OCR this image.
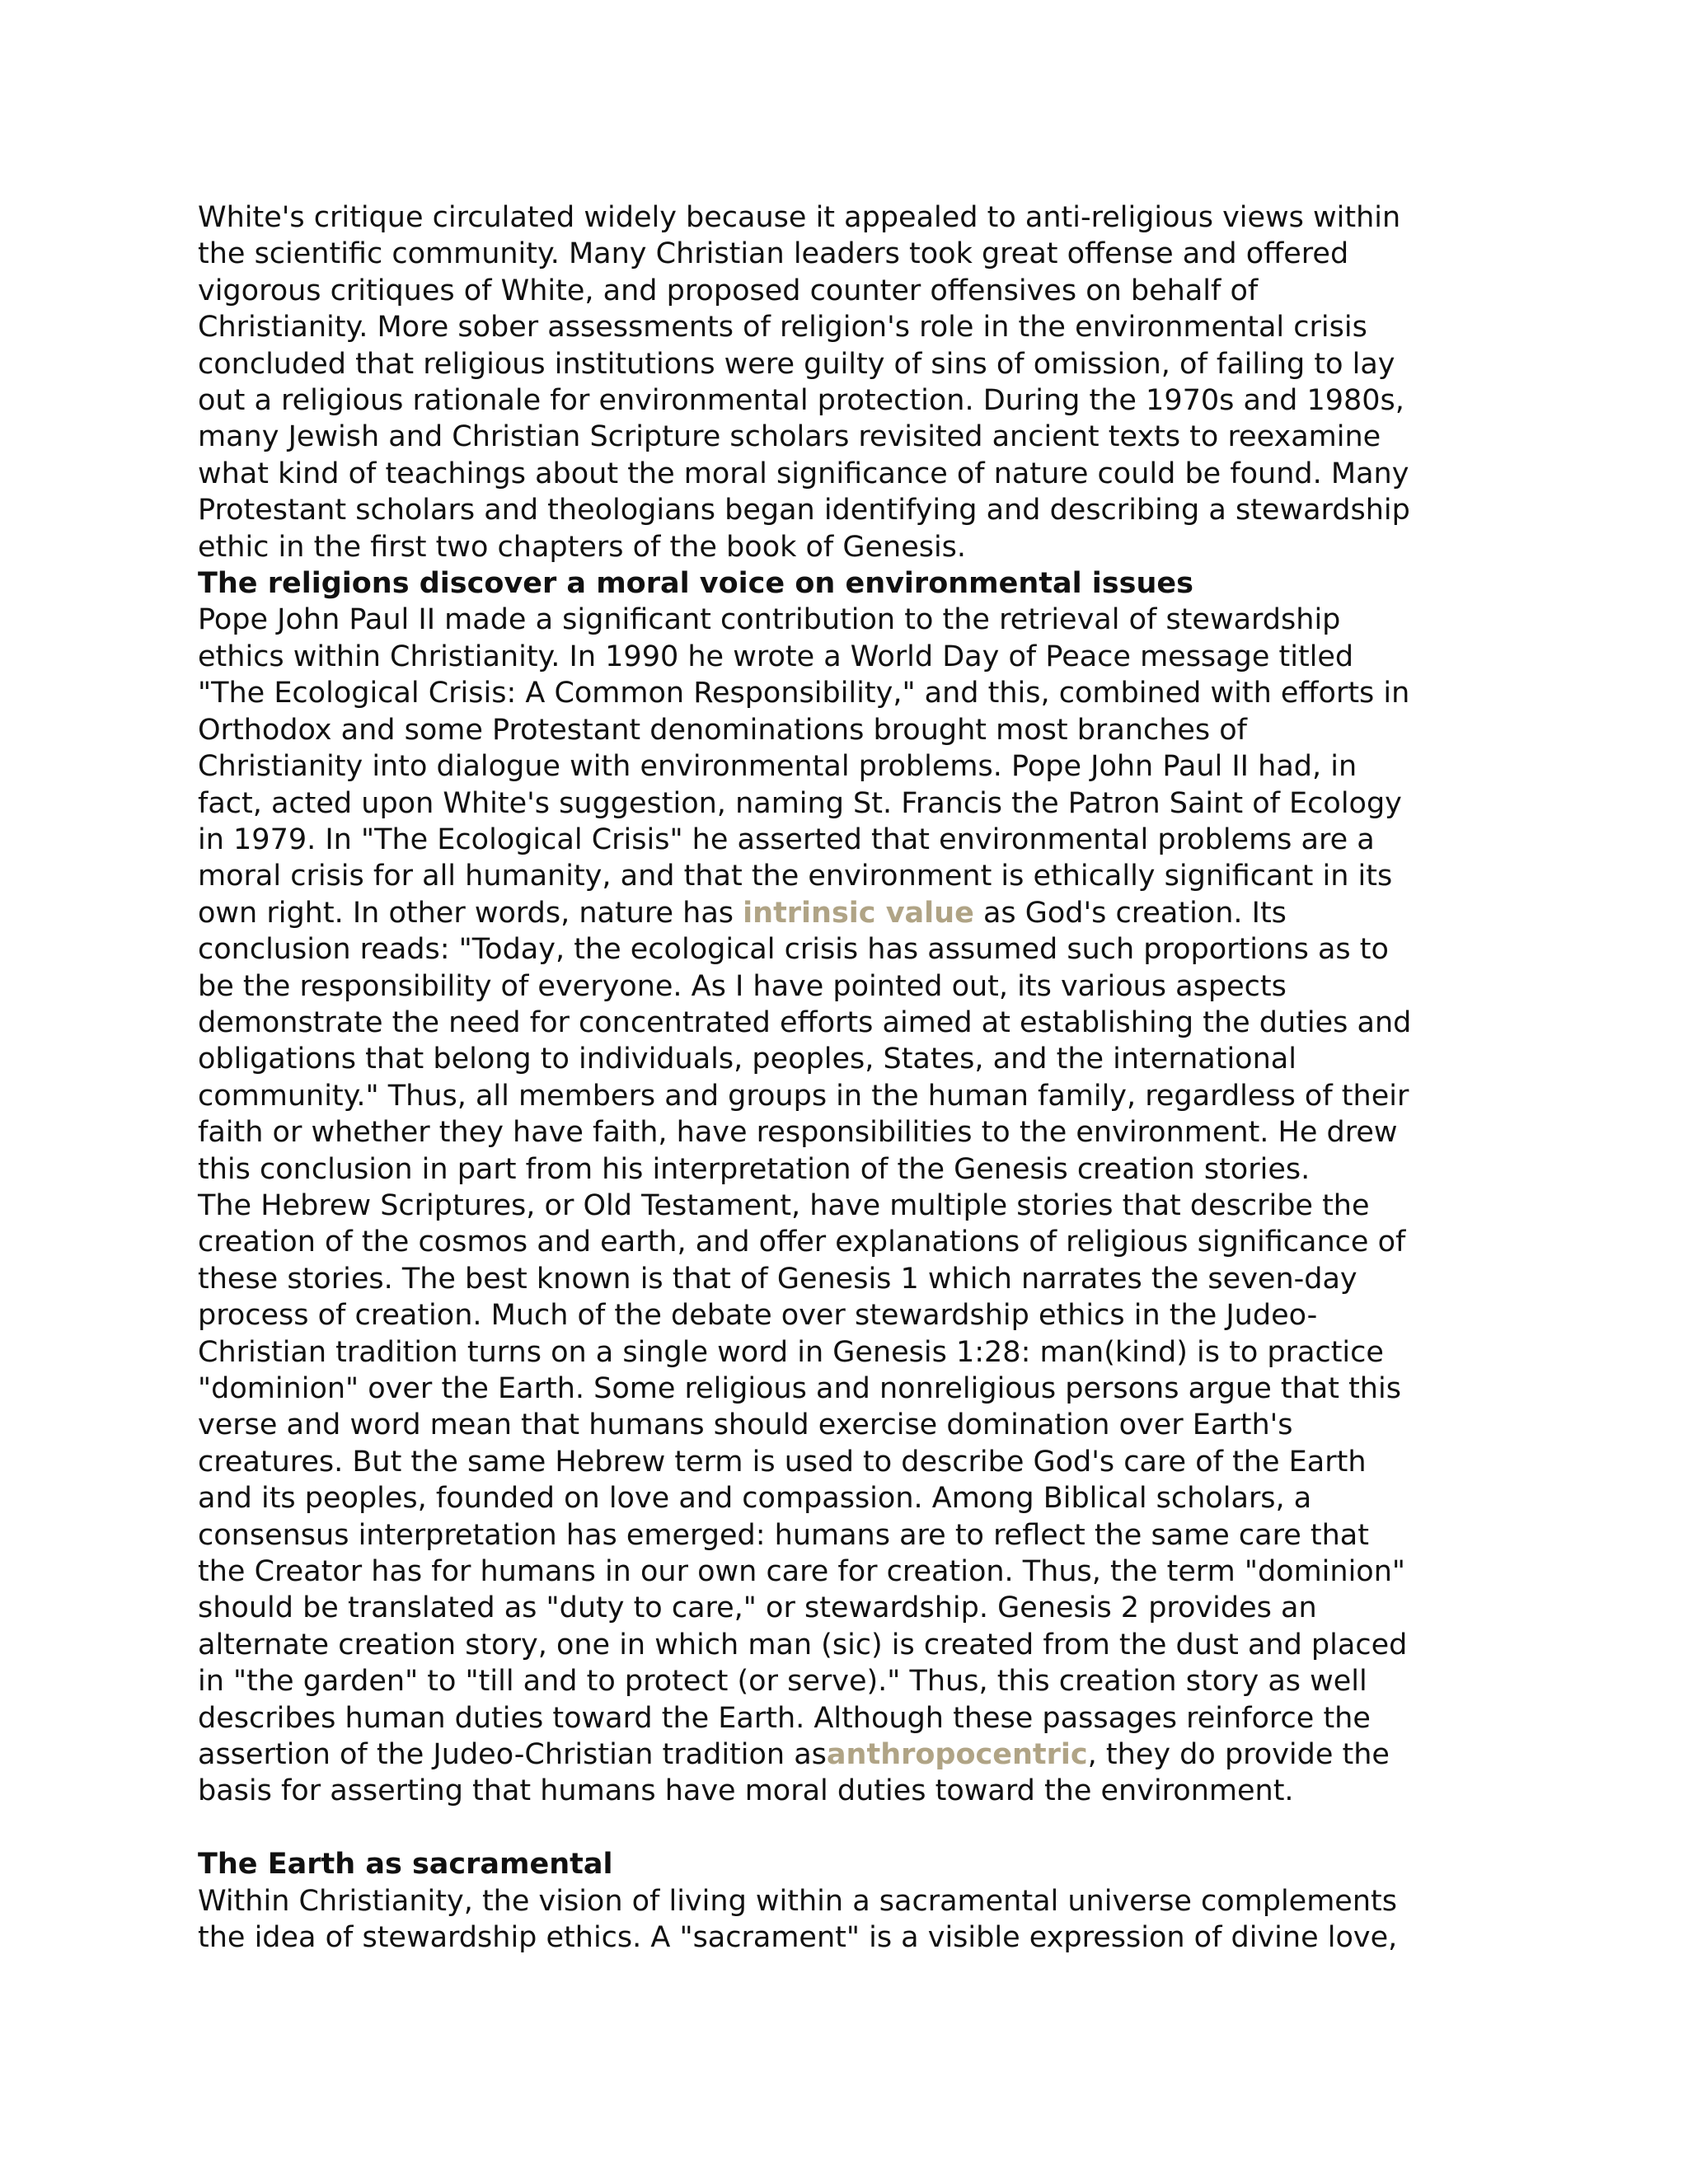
White's critique circulated widely because it appealed to anti-religious views within
the scientific community. Many Christian leaders took great offense and offered
vigorous critiques of White, and proposed counter offensives on behalf of
Christianity. More sober assessments of religion's role in the environmental crisis
concluded that religious institutions were guilty of sins of omission, of failing to lay
out a religious rationale for environmental protection. During the 1970s and 1980s,
many Jewish and Christian Scripture scholars revisited ancient texts to reexamine
what kind of teachings about the moral significance of nature could be found. Many
Protestant scholars and theologians began identifying and describing a stewardship
ethic in the first two chapters of the book of Genesis.
The religions discover a moral voice on environmental issues
Pope John Paul II made a significant contribution to the retrieval of stewardship
ethics within Christianity. In 1990 he wrote a World Day of Peace message titled
"The Ecological Crisis: A Common Responsibility," and this, combined with efforts in
Orthodox and some Protestant denominations brought most branches of
Christianity into dialogue with environmental problems. Pope John Paul II had, in
fact, acted upon White's suggestion, naming St. Francis the Patron Saint of Ecology
in 1979. In "The Ecological Crisis" he asserted that environmental problems are a
moral crisis for all humanity, and that the environment is ethically significant in its
own right. In other words, nature has intrinsic value as God's creation. Its
conclusion reads: "Today, the ecological crisis has assumed such proportions as to
be the responsibility of everyone. As I have pointed out, its various aspects
demonstrate the need for concentrated efforts aimed at establishing the duties and
obligations that belong to individuals, peoples, States, and the international
community." Thus, all members and groups in the human family, regardless of their
faith or whether they have faith, have responsibilities to the environment. He drew
this conclusion in part from his interpretation of the Genesis creation stories.
The Hebrew Scriptures, or Old Testament, have multiple stories that describe the
creation of the cosmos and earth, and offer explanations of religious significance of
these stories. The best known is that of Genesis 1 which narrates the seven-day
process of creation. Much of the debate over stewardship ethics in the Judeo-
Christian tradition turns on a single word in Genesis 1:28: man(kind) is to practice
"dominion" over the Earth. Some religious and nonreligious persons argue that this
verse and word mean that humans should exercise domination over Earth's
creatures. But the same Hebrew term is used to describe God's care of the Earth
and its peoples, founded on love and compassion. Among Biblical scholars, a
consensus interpretation has emerged: humans are to reflect the same care that
the Creator has for humans in our own care for creation. Thus, the term "dominion"
should be translated as "duty to care," or stewardship. Genesis 2 provides an
alternate creation story, one in which man (sic) is created from the dust and placed
in "the garden" to "till and to protect (or serve)." Thus, this creation story as well
describes human duties toward the Earth. Although these passages reinforce the
assertion of the Judeo-Christian tradition asanthropocentric, they do provide the
basis for asserting that humans have moral duties toward the environment.
The Earth as sacramental
Within Christianity, the vision of living within a sacramental universe complements
the idea of stewardship ethics. A "sacrament" is a visible expression of divine love,
